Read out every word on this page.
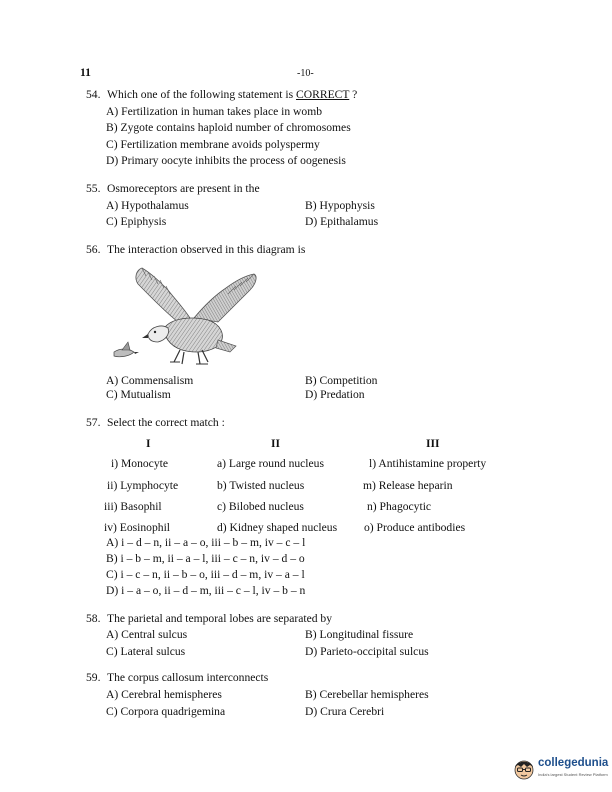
11	-10-
54. Which one of the following statement is CORRECT ?
A) Fertilization in human takes place in womb
B) Zygote contains haploid number of chromosomes
C) Fertilization membrane avoids polyspermy
D) Primary oocyte inhibits the process of oogenesis
55. Osmoreceptors are present in the
A) Hypothalamus	B) Hypophysis
C) Epiphysis	D) Epithalamus
56. The interaction observed in this diagram is
A) Commensalism	B) Competition
C) Mutualism	D) Predation
57. Select the correct match :
I	II	III
i) Monocyte	a) Large round nucleus	l) Antihistamine property
ii) Lymphocyte	b) Twisted nucleus	m) Release heparin
iii) Basophil	c) Bilobed nucleus	n) Phagocytic
iv) Eosinophil	d) Kidney shaped nucleus o) Produce antibodies
A) i – d – n, ii – a – o, iii – b – m, iv – c – l
B) i – b – m, ii – a – l, iii – c – n, iv – d – o
C) i – c – n, ii – b – o, iii – d – m, iv – a – l
D) i – a – o, ii – d – m, iii – c – l, iv – b – n
58. The parietal and temporal lobes are separated by
A) Central sulcus	B) Longitudinal fissure
C) Lateral sulcus	D) Parieto-occipital sulcus
59. The corpus callosum interconnects
A) Cerebral hemispheres	B) Cerebellar hemispheres
C) Corpora quadrigemina	D) Crura Cerebri
collegedunia
India's largest Student Review Platform
